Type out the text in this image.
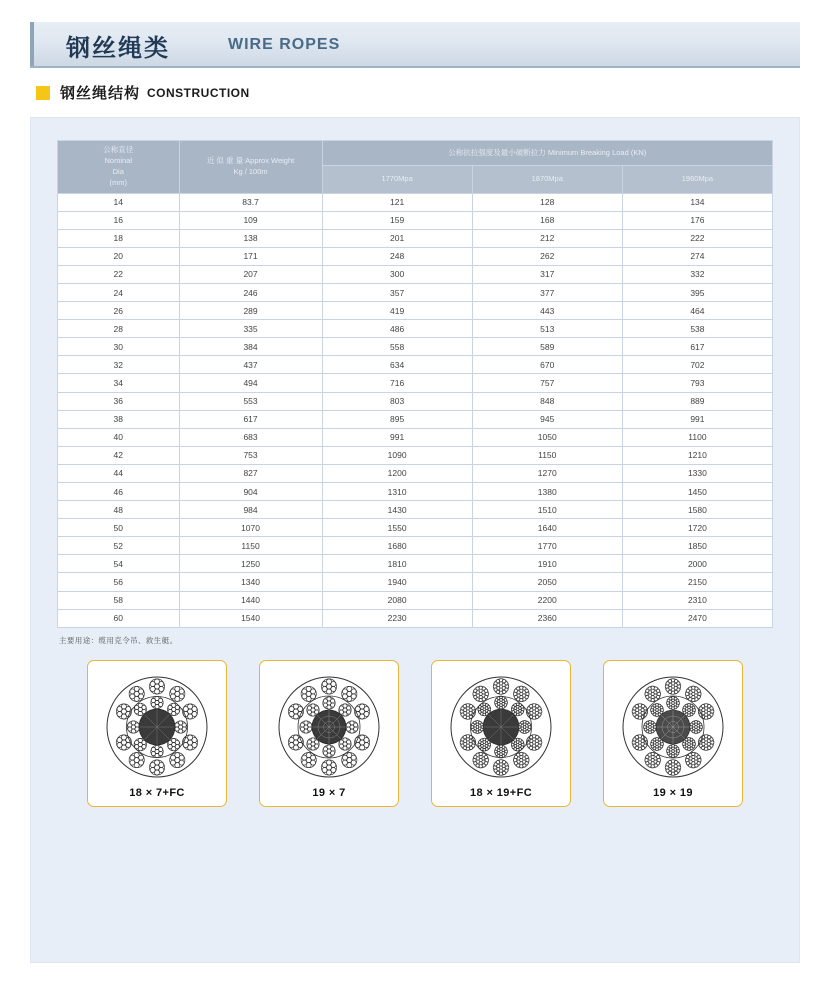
钢丝绳类	WIRE ROPES
钢丝绳结构 CONSTRUCTION
公称直径
Nominal
Dia
(mm)

近 似 重 量 Approx Weight
Kg / 100m
	公称抗拉强度及最小破断拉力 Minimum Breaking Load (KN)
		1770Mpa	1870Mpa	1960Mpa
14	83.7	121	128	134
16	109	159	168	176
18	138	201	212	222
20	171	248	262	274
22	207	300	317	332
24	246	357	377	395
26	289	419	443	464
28	335	486	513	538
30	384	558	589	617
32	437	634	670	702
34	494	716	757	793
36	553	803	848	889
38	617	895	945	991
40	683	991	1050	1100
42	753	1090	1150	1210
44	827	1200	1270	1330
46	904	1310	1380	1450
48	984	1430	1510	1580
50	1070	1550	1640	1720
52	1150	1680	1770	1850
54	1250	1810	1910	2000
56	1340	1940	2050	2150
58	1440	2080	2200	2310
60	1540	2230	2360	2470
主要用途：缆用克令吊、救生艇。
18 × 7+FC	19 × 7	18 × 19+FC	19 × 19
